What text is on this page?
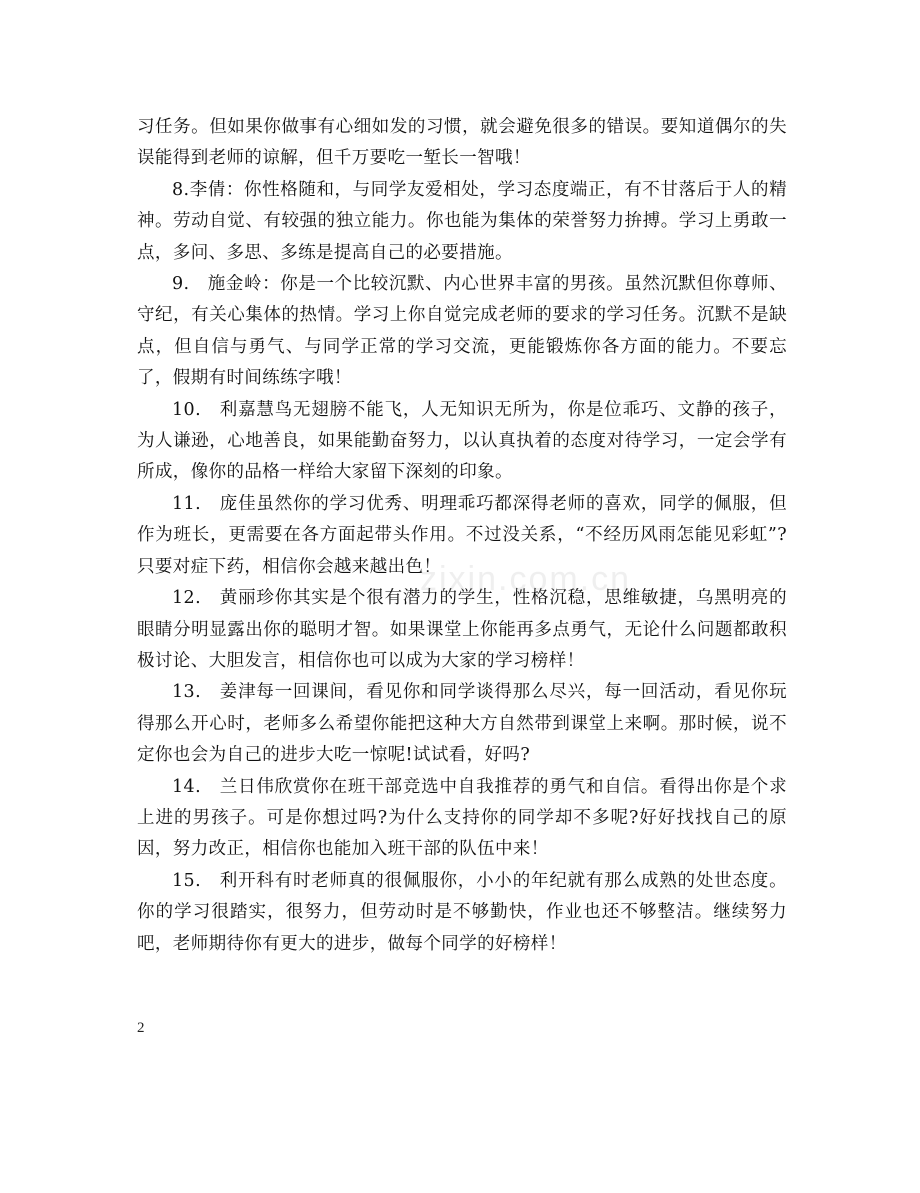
习任务。但如果你做事有心细如发的习惯，就会避免很多的错误。要知道偶尔的失误能得到老师的谅解，但千万要吃一堑长一智哦！

8.李倩：你性格随和，与同学友爱相处，学习态度端正，有不甘落后于人的精神。劳动自觉、有较强的独立能力。你也能为集体的荣誉努力拚搏。学习上勇敢一点，多问、多思、多练是提高自己的必要措施。

9.　施金岭：你是一个比较沉默、内心世界丰富的男孩。虽然沉默但你尊师、守纪，有关心集体的热情。学习上你自觉完成老师的要求的学习任务。沉默不是缺点，但自信与勇气、与同学正常的学习交流，更能锻炼你各方面的能力。不要忘了，假期有时间练练字哦！

10.　利嘉慧鸟无翅膀不能飞，人无知识无所为，你是位乖巧、文静的孩子，为人谦逊，心地善良，如果能勤奋努力，以认真执着的态度对待学习，一定会学有所成，像你的品格一样给大家留下深刻的印象。

11.　庞佳虽然你的学习优秀、明理乖巧都深得老师的喜欢，同学的佩服，但作为班长，更需要在各方面起带头作用。不过没关系，“不经历风雨怎能见彩虹”?只要对症下药，相信你会越来越出色！

12.　黄丽珍你其实是个很有潜力的学生，性格沉稳，思维敏捷，乌黑明亮的眼睛分明显露出你的聪明才智。如果课堂上你能再多点勇气，无论什么问题都敢积极讨论、大胆发言，相信你也可以成为大家的学习榜样！

13.　姜津每一回课间，看见你和同学谈得那么尽兴，每一回活动，看见你玩得那么开心时，老师多么希望你能把这种大方自然带到课堂上来啊。那时候，说不定你也会为自己的进步大吃一惊呢!试试看，好吗?

14.　兰日伟欣赏你在班干部竞选中自我推荐的勇气和自信。看得出你是个求上进的男孩子。可是你想过吗?为什么支持你的同学却不多呢?好好找找自己的原因，努力改正，相信你也能加入班干部的队伍中来！

15.　利开科有时老师真的很佩服你，小小的年纪就有那么成熟的处世态度。你的学习很踏实，很努力，但劳动时是不够勤快，作业也还不够整洁。继续努力吧，老师期待你有更大的进步，做每个同学的好榜样！

zixin.com.cn
2
